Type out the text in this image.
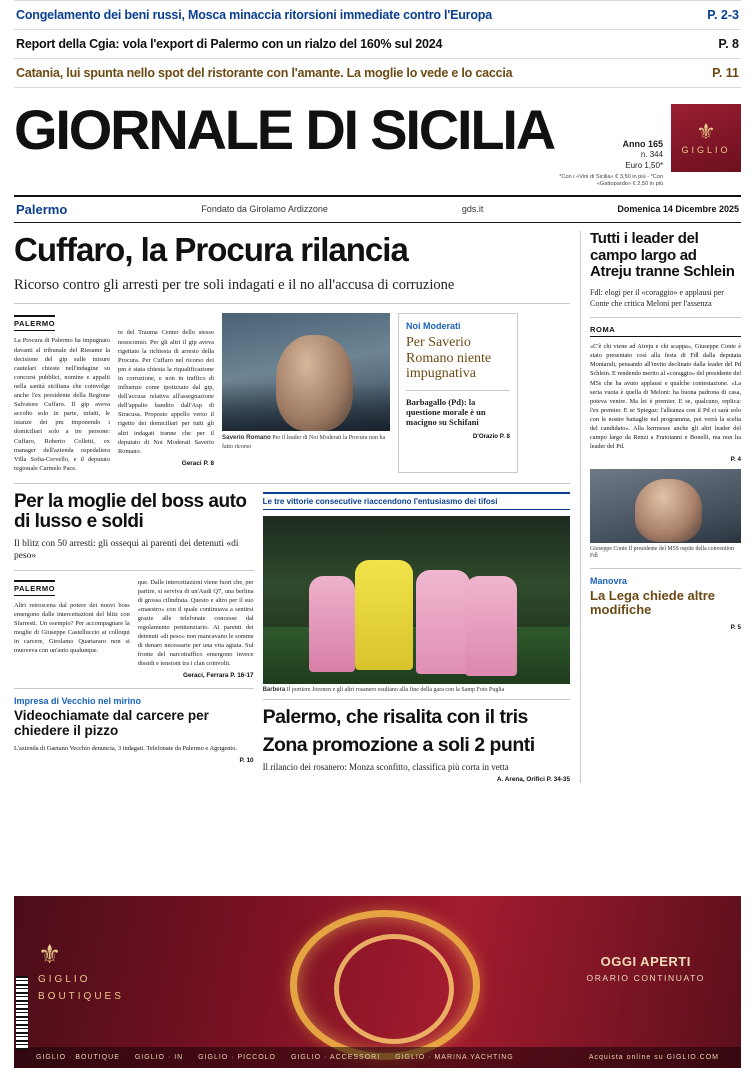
Congelamento dei beni russi, Mosca minaccia ritorsioni immediate contro l'Europa	P. 2-3
Report della Cgia: vola l'export di Palermo con un rialzo del 160% sul 2024	P. 8
Catania, lui spunta nello spot del ristorante con l'amante. La moglie lo vede e lo caccia	P. 11
GIORNALE DI SICILIA	Anno 165
n. 344
Euro 1,50*
*Con i «Vini di Sicilia» € 3,50 in più - *Con «Gattopardo» € 2,50 in più
⚜
GIGLIO
Palermo	Fondato da Girolamo Ardizzone	gds.it	Domenica 14 Dicembre 2025
Cuffaro, la Procura rilancia
Ricorso contro gli arresti per tre soli indagati e il no all'accusa di corruzione
PALERMO
La Procura di Palermo ha impugnato davanti al tribunale del Riesame la decisione del gip sulle misure cautelari chieste nell'indagine su concorsi pubblici, nomine e appalti nella sanità siciliana che coinvolge anche l'ex presidente della Regione Salvatore Cuffaro. Il gip aveva accolto solo in parte, infatti, le istanze dei pm imponendo i domiciliari solo a tre persone: Cuffaro, Roberto Colletti, ex manager dell'azienda ospedaliera Villa Sofia-Cervello, e il deputato regionale Carmelo Pace.
re del Trauma Center dello stesso nosocomio. Per gli altri il gip aveva rigettato la richiesta di arresto della Procura. Per Cuffaro nel ricorso dei pm è stata chiesta la riqualificazione in corruzione, e non in traffico di influenze come ipotizzato dal gip, dell'accusa relativa all'assegnazione dell'appalto bandito dall'Asp di Siracusa. Proposto appello verso il rigetto dei domiciliari per tutti gli altri indagati tranne che per il deputato di Noi Moderati Saverio Romano.
Geraci P. 8
Saverio Romano Per il leader di Noi Moderati la Procura non ha fatto ricorso
Noi Moderati
Per Saverio Romano niente impugnativa
Barbagallo (Pd): la questione morale è un macigno su Schifani
D'Orazio P. 8
Per la moglie del boss auto di lusso e soldi
Il blitz con 50 arresti: gli ossequi ai parenti dei detenuti «di peso»
PALERMO
Altri retroscena dal potere dei nuovi boss emergono dalle intercettazioni del blitz con Sfarresti. Un esempio? Per accompagnare la moglie di Giuseppe Castelluccio ai colloqui in carcere, Girolamo Quartararo non si muoveva con un'auto qualunque.
que. Dalle intercettazioni viene fuori che, per partire, si serviva di un'Audi Q7, una berlina di grossa cilindrata. Questo e altro per il suo «maestro» con il quale continuava a sentirsi grazie alle telefonate concesse dal regolamento penitenziario. Ai parenti dei detenuti «di peso» non mancavano le somme di denaro necessarie per una vita agiata. Sul fronte del narcotraffico emergono invece dissidi e tensioni tra i clan coinvolti.
Geraci, Ferrara P. 16-17
Impresa di Vecchio nel mirino
Videochiamate dal carcere per chiedere il pizzo

L'azienda di Gaetano Vecchio denuncia, 3 indagati. Telefonate da Palermo e Agrigento.

P. 10
Le tre vittorie consecutive riaccendono l'entusiasmo dei tifosi
Barbera Il portiere Joronen e gli altri rosanero esultano alla fine della gara con la Samp Foto Puglia
Palermo, che risalita con il tris
Zona promozione a soli 2 punti
Il rilancio dei rosanero: Monza sconfitto, classifica più corta in vetta
A. Arena, Orifici P. 34-35
Tutti i leader del campo largo ad Atreju tranne Schlein
Fdl: elogi per il «coraggio» e applausi per Conte che critica Meloni per l'assenza
ROMA
«C'è chi viene ad Atreju e chi scappa», Giuseppe Conte è stato presentato così alla festa di Fdl dalla deputata Montaruli, pensando all'invito declinato dalla leader del Pd Schlein. E rendendo merito al «coraggio» del presidente del M5s che ha avuto applausi e qualche contestazione. «La seria vuota è quella di Meloni: ha buona padrona di casa, poteva venire. Ma lei è premier. E se, qualcuno, replica: l'ex premier. E se Spiegaz: l'alleanza con il Pd ci sarà solo con le nostre battaglie nel programma, poi verrà la scelta del candidato». Alla kermesse anche gli altri leader del campo largo da Renzi a Fratoianni e Bonelli, ma non ha leader del Pd.
P. 4
Giuseppe Conte Il presidente del M5S ospite della convention Fdl
Manovra
La Lega chiede altre modifiche
P. 5
⚜
GIGLIO
BOUTIQUES
OGGI APERTI
ORARIO CONTINUATO
GIGLIO · BOUTIQUE GIGLIO · IN GIGLIO · PICCOLO GIGLIO · ACCESSORI GIGLIO · MARINA YACHTING	Acquista online su GIGLIO.COM
